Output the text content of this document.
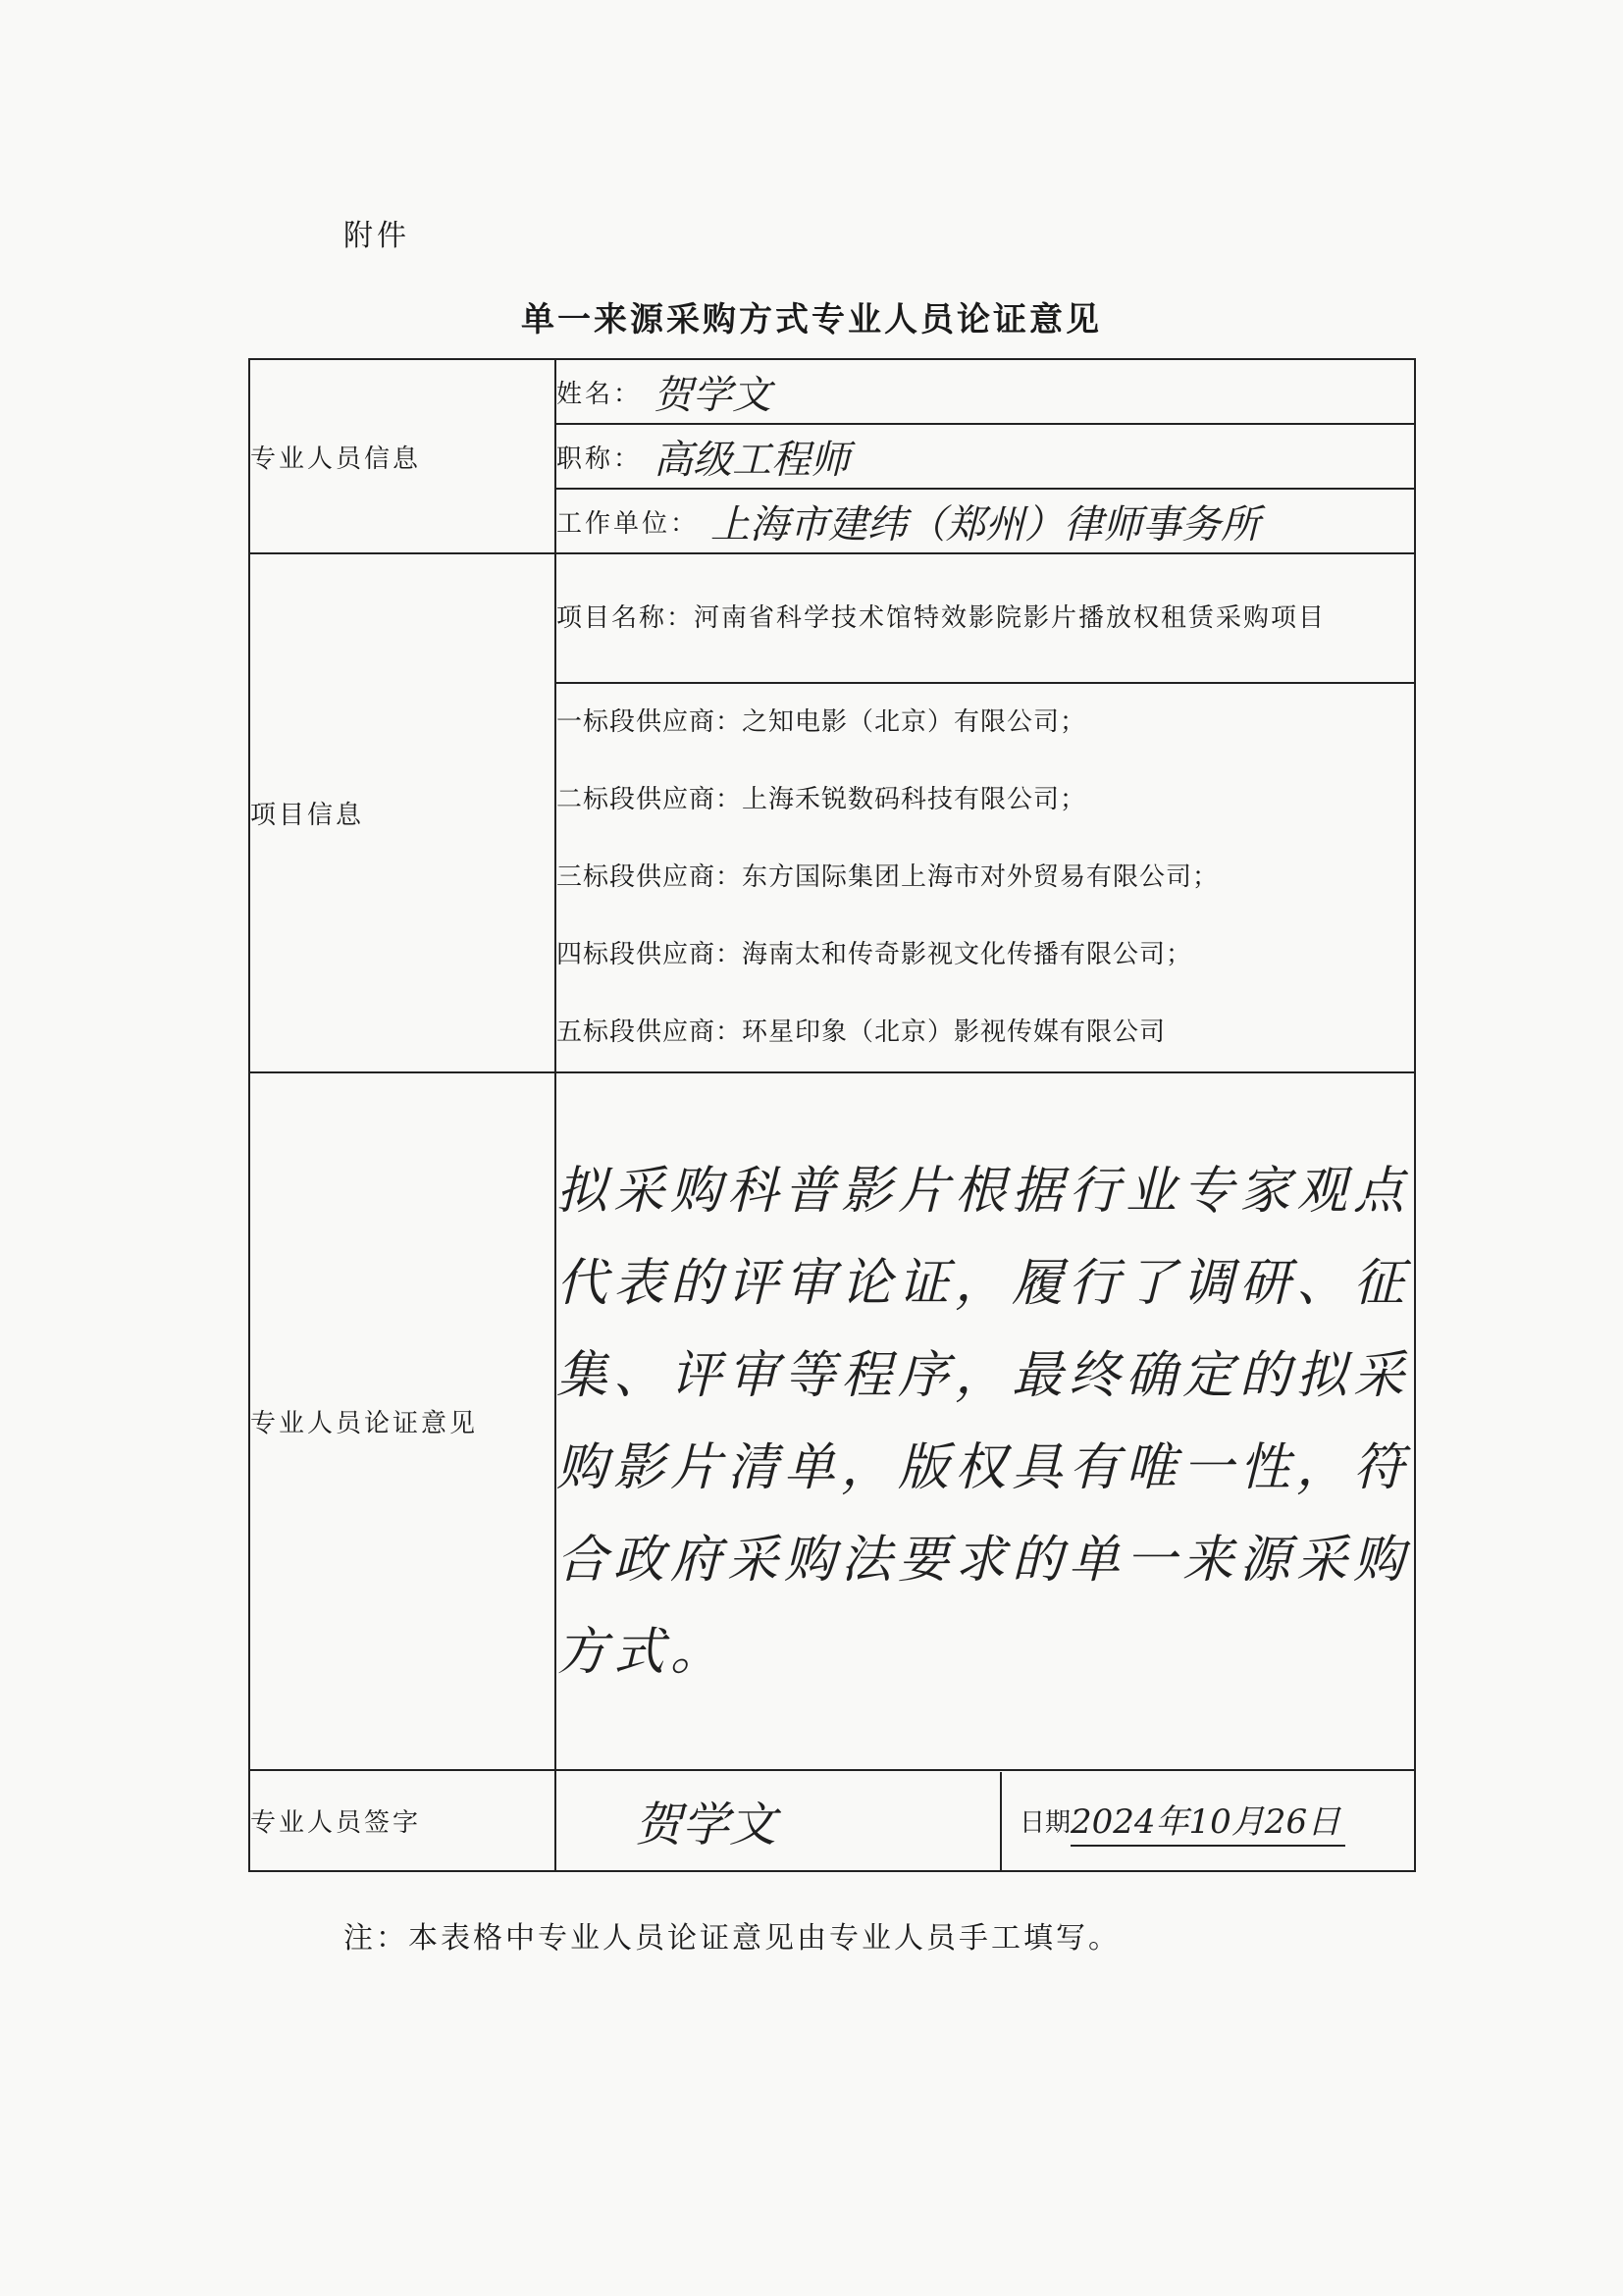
附件
单一来源采购方式专业人员论证意见
专业人员信息	姓名： 贺学文

	职称： 高级工程师

	工作单位： 上海市建纬（郑州）律师事务所

项目信息	项目名称：河南省科学技术馆特效影院影片播放权租赁采购项目

	一标段供应商：之知电影（北京）有限公司；
二标段供应商：上海禾锐数码科技有限公司；
三标段供应商：东方国际集团上海市对外贸易有限公司；
四标段供应商：海南太和传奇影视文化传播有限公司；
五标段供应商：环星印象（北京）影视传媒有限公司

专业人员论证意见	拟采购科普影片根据行业专家观点代表的评审论证，履行了调研、征集、评审等程序，最终确定的拟采购影片清单，版权具有唯一性，符合政府采购法要求的单一来源采购方式。
专业人员签字	贺学文 日期 2024年10月26日
注：本表格中专业人员论证意见由专业人员手工填写。
